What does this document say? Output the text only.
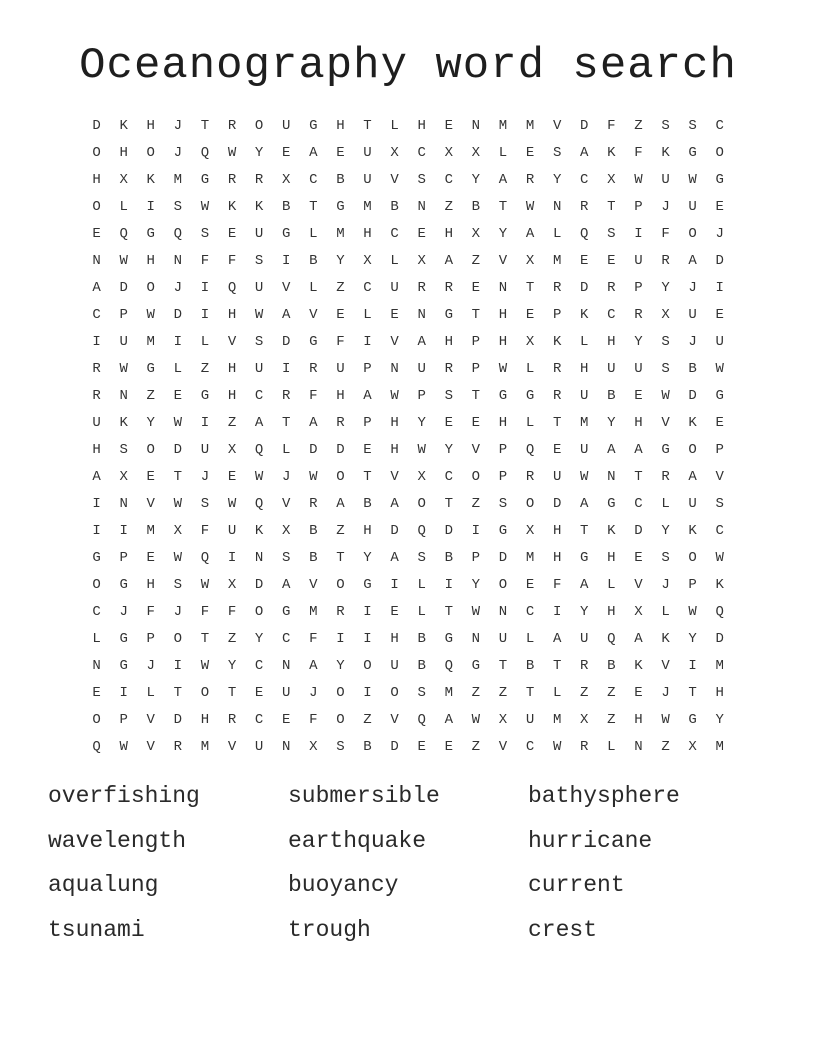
Oceanography word search
D	K	H	J	T	R	O	U	G	H	T	L	H	E	N	M	M	V	D	F	Z	S	S	C
O	H	O	J	Q	W	Y	E	A	E	U	X	C	X	X	L	E	S	A	K	F	K	G	O
H	X	K	M	G	R	R	X	C	B	U	V	S	C	Y	A	R	Y	C	X	W	U	W	G
O	L	I	S	W	K	K	B	T	G	M	B	N	Z	B	T	W	N	R	T	P	J	U	E
E	Q	G	Q	S	E	U	G	L	M	H	C	E	H	X	Y	A	L	Q	S	I	F	O	J
N	W	H	N	F	F	S	I	B	Y	X	L	X	A	Z	V	X	M	E	E	U	R	A	D
A	D	O	J	I	Q	U	V	L	Z	C	U	R	R	E	N	T	R	D	R	P	Y	J	I
C	P	W	D	I	H	W	A	V	E	L	E	N	G	T	H	E	P	K	C	R	X	U	E
I	U	M	I	L	V	S	D	G	F	I	V	A	H	P	H	X	K	L	H	Y	S	J	U
R	W	G	L	Z	H	U	I	R	U	P	N	U	R	P	W	L	R	H	U	U	S	B	W
R	N	Z	E	G	H	C	R	F	H	A	W	P	S	T	G	G	R	U	B	E	W	D	G
U	K	Y	W	I	Z	A	T	A	R	P	H	Y	E	E	H	L	T	M	Y	H	V	K	E
H	S	O	D	U	X	Q	L	D	D	E	H	W	Y	V	P	Q	E	U	A	A	G	O	P
A	X	E	T	J	E	W	J	W	O	T	V	X	C	O	P	R	U	W	N	T	R	A	V
I	N	V	W	S	W	Q	V	R	A	B	A	O	T	Z	S	O	D	A	G	C	L	U	S
I	I	M	X	F	U	K	X	B	Z	H	D	Q	D	I	G	X	H	T	K	D	Y	K	C
G	P	E	W	Q	I	N	S	B	T	Y	A	S	B	P	D	M	H	G	H	E	S	O	W
O	G	H	S	W	X	D	A	V	O	G	I	L	I	Y	O	E	F	A	L	V	J	P	K
C	J	F	J	F	F	O	G	M	R	I	E	L	T	W	N	C	I	Y	H	X	L	W	Q
L	G	P	O	T	Z	Y	C	F	I	I	H	B	G	N	U	L	A	U	Q	A	K	Y	D
N	G	J	I	W	Y	C	N	A	Y	O	U	B	Q	G	T	B	T	R	B	K	V	I	M
E	I	L	T	O	T	E	U	J	O	I	O	S	M	Z	Z	T	L	Z	Z	E	J	T	H
O	P	V	D	H	R	C	E	F	O	Z	V	Q	A	W	X	U	M	X	Z	H	W	G	Y
Q	W	V	R	M	V	U	N	X	S	B	D	E	E	Z	V	C	W	R	L	N	Z	X	M
overfishing	submersible	bathysphere
wavelength	earthquake	hurricane
aqualung	buoyancy	current
tsunami	trough	crest
